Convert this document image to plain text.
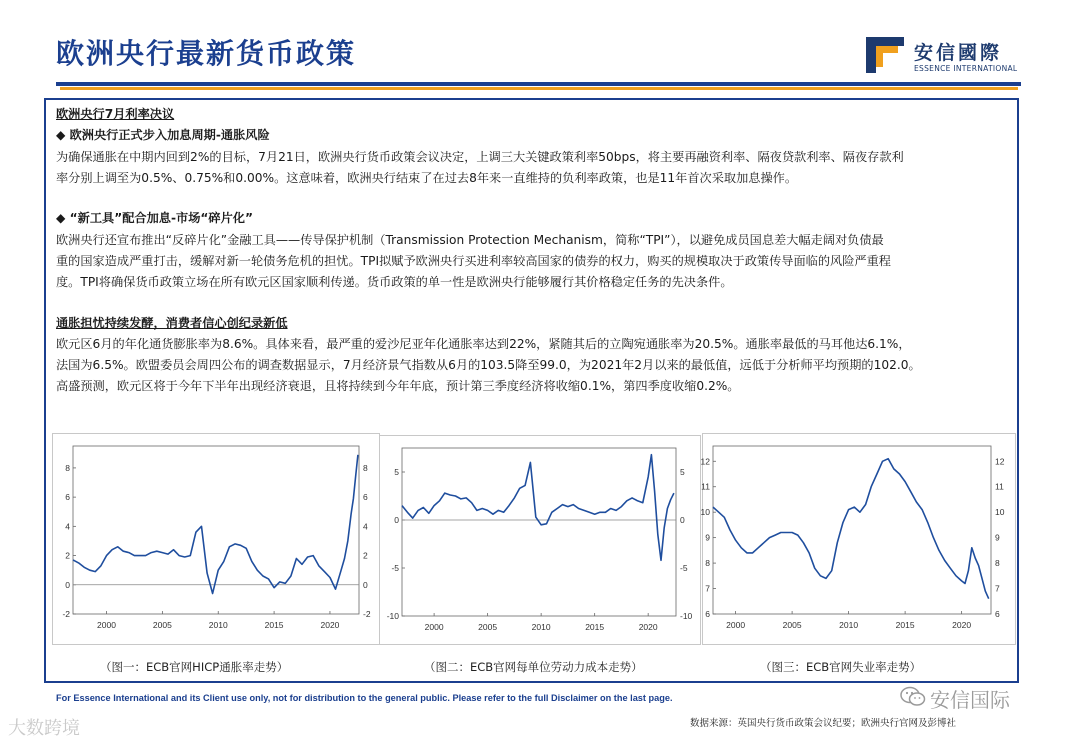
欧洲央行最新货币政策	安信國際
ESSENCE INTERNATIONAL
欧洲央行7月利率决议
◆ 欧洲央行正式步入加息周期-通胀风险
为确保通胀在中期内回到2%的目标，7月21日，欧洲央行货币政策会议决定，上调三大关键政策利率50bps，将主要再融资利率、隔夜贷款利率、隔夜存款利
率分别上调至为0.5%、0.75%和0.00%。这意味着，欧洲央行结束了在过去8年来一直维持的负利率政策，也是11年首次采取加息操作。
◆ “新工具”配合加息-市场“碎片化”
欧洲央行还宣布推出“反碎片化”金融工具——传导保护机制（Transmission Protection Mechanism，简称“TPI”），以避免成员国息差大幅走阔对负债最
重的国家造成严重打击，缓解对新一轮债务危机的担忧。TPI拟赋予欧洲央行买进利率较高国家的债券的权力，购买的规模取决于政策传导面临的风险严重程
度。TPI将确保货币政策立场在所有欧元区国家顺利传递。货币政策的单一性是欧洲央行能够履行其价格稳定任务的先决条件。
通胀担忧持续发酵，消费者信心创纪录新低
欧元区6月的年化通货膨胀率为8.6%。具体来看，最严重的爱沙尼亚年化通胀率达到22%，紧随其后的立陶宛通胀率为20.5%。通胀率最低的马耳他达6.1%，
法国为6.5%。欧盟委员会周四公布的调查数据显示，7月经济景气指数从6月的103.5降至99.0，为2021年2月以来的最低值，远低于分析师平均预期的102.0。
高盛预测，欧元区将于今年下半年出现经济衰退，且将持续到今年年底，预计第三季度经济将收缩0.1%，第四季度收缩0.2%。
8	8
6	6
4	4
2	2
0	0
-2	-2
2000	2005	2010	2015	2020
5	5
0	0
-5	-5
-10	-10
2000	2005	2010	2015	2020
12	12
11	11
10	10
9	9
8	8
7	7
6	6
2000	2005	2010	2015	2020
（图一：ECB官网HICP通胀率走势）	（图二：ECB官网每单位劳动力成本走势）	（图三：ECB官网失业率走势）
For Essence International and its Client use only, not for distribution to the general public. Please refer to the full Disclaimer on the last page.
数据来源：英国央行货币政策会议纪要；欧洲央行官网及彭博社
大数跨境
安信国际
